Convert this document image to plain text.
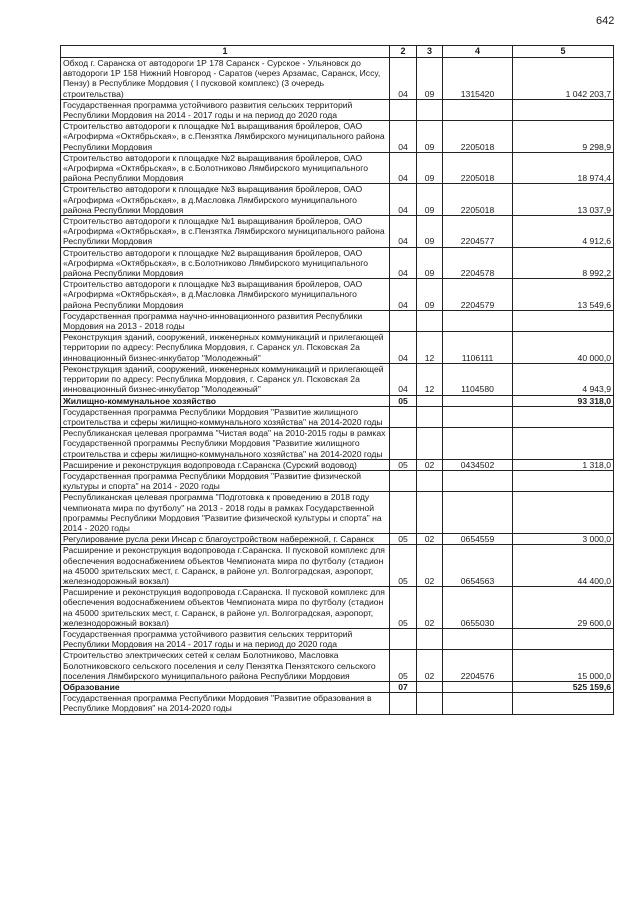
642
1	2	3	4	5
Обход г. Саранска от автодороги 1Р 178 Саранск - Сурское - Ульяновск до автодороги 1Р 158 Нижний Новгород - Саратов (через Арзамас, Саранск, Иссу, Пензу) в Республике Мордовия ( I пусковой комплекс) (3 очередь строительства)	04	09	1315420	1 042 203,7
Государственная программа устойчивого развития сельских территорий Республики Мордовия на 2014 - 2017 годы и на период до 2020 года				
Строительство автодороги к площадке №1 выращивания бройлеров, ОАО «Агрофирма «Октябрьская», в с.Пензятка Лямбирского муниципального района Республики Мордовия	04	09	2205018	9 298,9
Строительство автодороги к площадке №2 выращивания бройлеров, ОАО «Агрофирма «Октябрьская», в с.Болотниково Лямбирского муниципального района Республики Мордовия	04	09	2205018	18 974,4
Строительство автодороги к площадке №3 выращивания бройлеров, ОАО «Агрофирма «Октябрьская», в д.Масловка Лямбирского муниципального района Республики Мордовия	04	09	2205018	13 037,9
Строительство автодороги к площадке №1 выращивания бройлеров, ОАО «Агрофирма «Октябрьская», в с.Пензятка Лямбирского муниципального района Республики Мордовия	04	09	2204577	4 912,6
Строительство автодороги к площадке №2 выращивания бройлеров, ОАО «Агрофирма «Октябрьская», в с.Болотниково Лямбирского муниципального района Республики Мордовия	04	09	2204578	8 992,2
Строительство автодороги к площадке №3 выращивания бройлеров, ОАО «Агрофирма «Октябрьская», в д.Масловка Лямбирского муниципального района Республики Мордовия	04	09	2204579	13 549,6
Государственная программа научно-инновационного развития Республики Мордовия на 2013 - 2018 годы				
Реконструкция зданий, сооружений, инженерных коммуникаций и прилегающей территории по адресу: Республика Мордовия, г. Саранск ул. Псковская 2а инновационный бизнес-инкубатор "Молодежный"	04	12	1106111	40 000,0
Реконструкция зданий, сооружений, инженерных коммуникаций и прилегающей территории по адресу: Республика Мордовия, г. Саранск ул. Псковская 2а инновационный бизнес-инкубатор "Молодежный"	04	12	1104580	4 943,9
Жилищно-коммунальное хозяйство	05			93 318,0
Государственная программа Республики Мордовия "Развитие жилищного строительства и сферы жилищно-коммунального хозяйства" на 2014-2020 годы				
Республиканская целевая программа "Чистая вода" на 2010-2015 годы в рамках Государственной программы Республики Мордовия "Развитие жилищного строительства и сферы жилищно-коммунального хозяйства" на 2014-2020 годы				
Расширение и реконструкция водопровода г.Саранска (Сурский водовод)	05	02	0434502	1 318,0
Государственная программа Республики Мордовия "Развитие физической культуры и спорта" на 2014 - 2020 годы				
Республиканская целевая программа "Подготовка к проведению в 2018 году чемпионата мира по футболу" на 2013 - 2018 годы в рамках Государственной программы Республики Мордовия "Развитие физической культуры и спорта" на 2014 - 2020 годы				
Регулирование русла реки Инсар с благоустройством набережной, г. Саранск	05	02	0654559	3 000,0
Расширение и реконструкция водопровода г.Саранска. II пусковой комплекс для обеспечения водоснабжением объектов Чемпионата мира по футболу (стадион на 45000 зрительских мест, г. Саранск, в районе ул. Волгоградская, аэропорт, железнодорожный вокзал)	05	02	0654563	44 400,0
Расширение и реконструкция водопровода г.Саранска. II пусковой комплекс для обеспечения водоснабжением объектов Чемпионата мира по футболу (стадион на 45000 зрительских мест, г. Саранск, в районе ул. Волгоградская, аэропорт, железнодорожный вокзал)	05	02	0655030	29 600,0
Государственная программа устойчивого развития сельских территорий Республики Мордовия на 2014 - 2017 годы и на период до 2020 года				
Строительство электрических сетей к селам Болотниково, Масловка Болотниковского сельского поселения и селу Пензятка Пензятского сельского поселения Лямбирского муниципального района Республики Мордовия	05	02	2204576	15 000,0
Образование	07			525 159,6
Государственная программа Республики Мордовия "Развитие образования в Республике Мордовия" на 2014-2020 годы				
